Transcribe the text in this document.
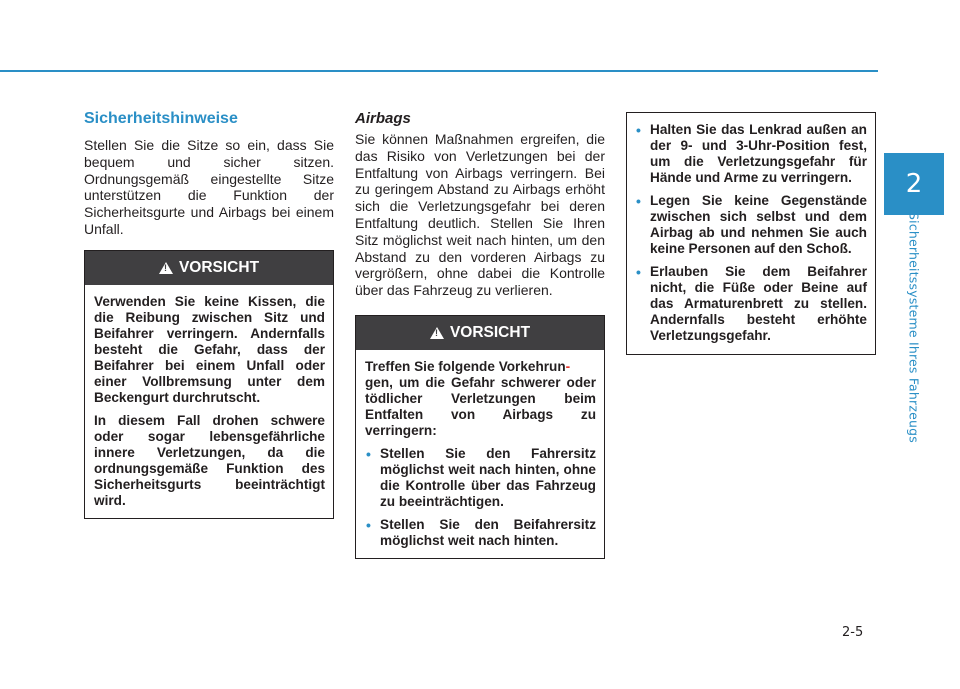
2
Sicherheitssysteme Ihres Fahrzeugs
Sicherheitshinweise

Stellen Sie die Sitze so ein, dass Sie bequem und sicher sitzen. Ordnungsgemäß eingestellte Sitze unterstützen die Funktion der Sicherheitsgurte und Airbags bei einem Unfall.

!
VORSICHT

Verwenden Sie keine Kissen, die die Reibung zwischen Sitz und Beifahrer verringern. Andernfalls besteht die Gefahr, dass der Beifahrer bei einem Unfall oder einer Vollbremsung unter dem Beckengurt durchrutscht.

In diesem Fall drohen schwere oder sogar lebensgefährliche innere Verletzungen, da die ordnungsgemäße Funktion des Sicherheitsgurts beeinträchtigt wird.

Airbags

Sie können Maßnahmen ergreifen, die das Risiko von Verletzungen bei der Entfaltung von Airbags verringern. Bei zu geringem Abstand zu Airbags erhöht sich die Verletzungsgefahr bei deren Entfaltung deutlich. Stellen Sie Ihren Sitz möglichst weit nach hinten, um den Abstand zu den vorderen Airbags zu vergrößern, ohne dabei die Kontrolle über das Fahrzeug zu verlieren.

!
VORSICHT

Treffen Sie folgende Vorkehrun-
gen, um die Gefahr schwerer oder tödlicher Verletzungen beim Entfalten von Airbags zu verringern:

• Stellen Sie den Fahrersitz möglichst weit nach hinten, ohne die Kontrolle über das Fahrzeug zu beeinträchtigen.
• Stellen Sie den Beifahrersitz möglichst weit nach hinten.
• Halten Sie das Lenkrad außen an der 9- und 3-Uhr-Position fest, um die Verletzungsgefahr für Hände und Arme zu verringern.
• Legen Sie keine Gegenstände zwischen sich selbst und dem Airbag ab und nehmen Sie auch keine Personen auf den Schoß.
• Erlauben Sie dem Beifahrer nicht, die Füße oder Beine auf das Armaturenbrett zu stellen. Andernfalls besteht erhöhte Verletzungsgefahr.
2-5
